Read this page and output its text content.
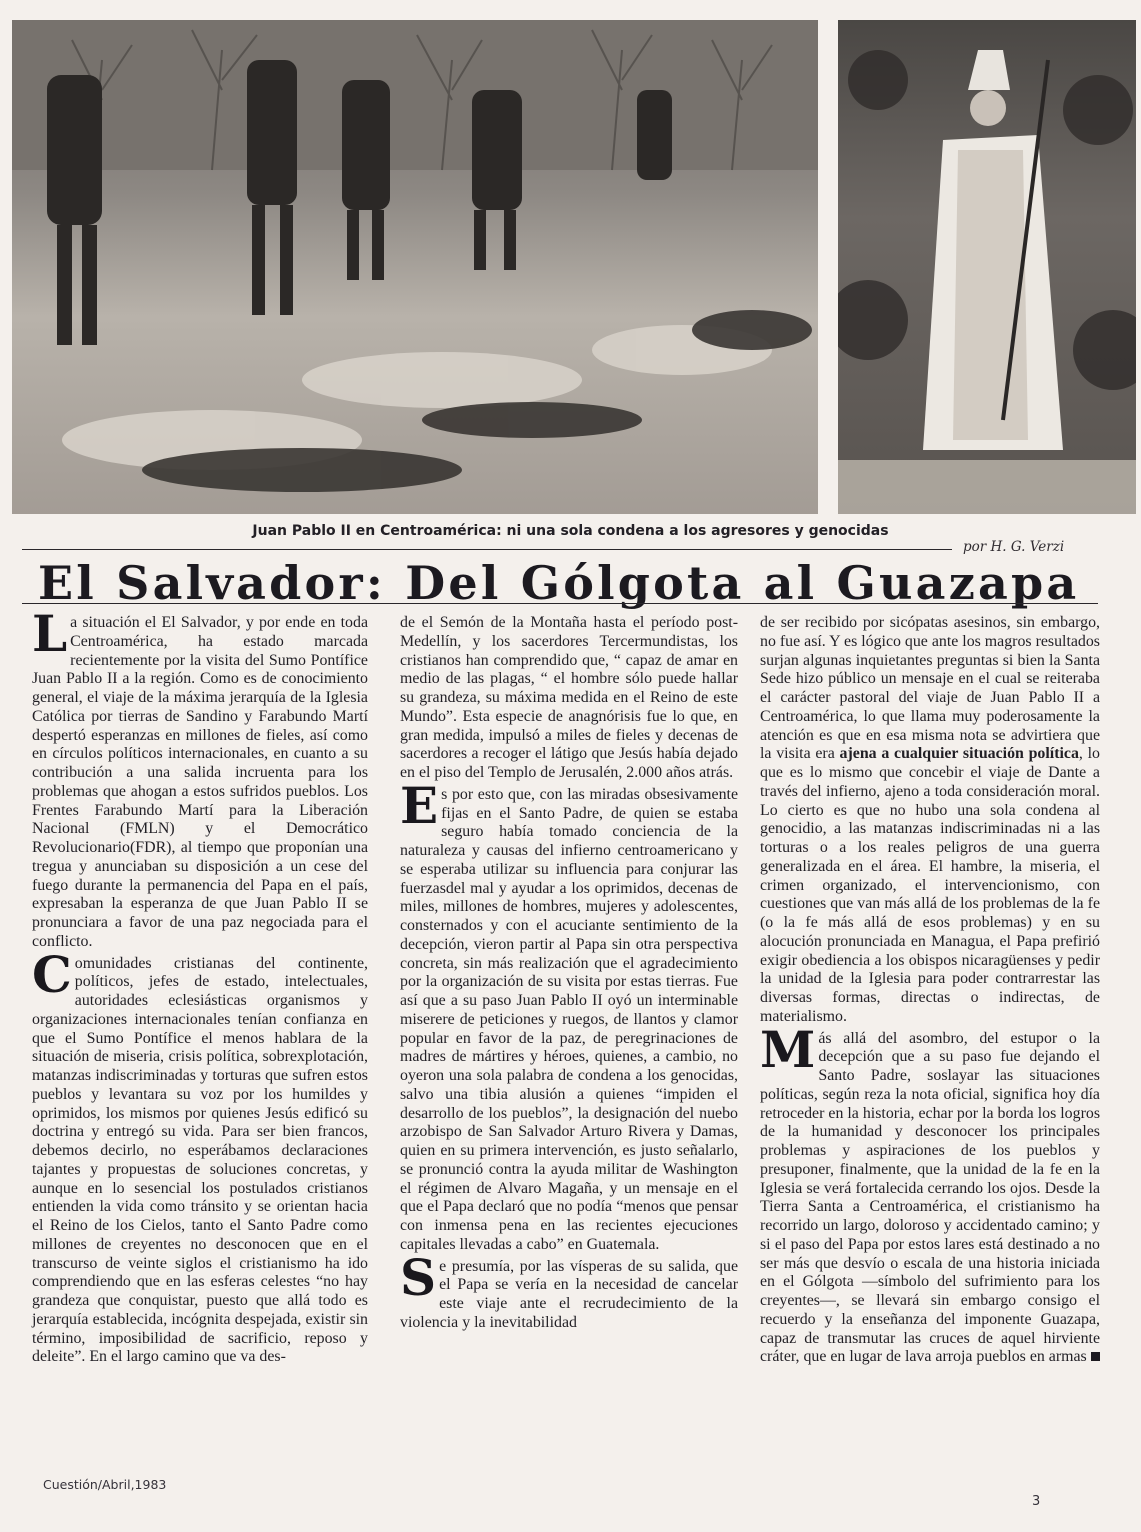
Juan Pablo II en Centroamérica: ni una sola condena a los agresores y genocidas
por H. G. Verzi
El Salvador: Del Gólgota al Guazapa

La situación el El Salvador, y por ende en toda Centroamérica, ha estado marcada recientemente por la visita del Sumo Pontífice Juan Pablo II a la región. Como es de conocimiento general, el viaje de la máxima jerarquía de la Iglesia Católica por tierras de Sandino y Farabundo Martí despertó esperanzas en millones de fieles, así como en círculos políticos internacionales, en cuanto a su contribución a una salida incruenta para los problemas que ahogan a estos sufridos pueblos. Los Frentes Farabundo Martí para la Liberación Nacional (FMLN) y el Democrático Revolucionario(FDR), al tiempo que proponían una tregua y anunciaban su disposición a un cese del fuego durante la permanencia del Papa en el país, expresaban la esperanza de que Juan Pablo II se pronunciara a favor de una paz negociada para el conflicto.

Comunidades cristianas del continente, políticos, jefes de estado, intelectuales, autoridades eclesiásticas organismos y organizaciones internacionales tenían confianza en que el Sumo Pontífice el menos hablara de la situación de miseria, crisis política, sobrexplotación, matanzas indiscriminadas y torturas que sufren estos pueblos y levantara su voz por los humildes y oprimidos, los mismos por quienes Jesús edificó su doctrina y entregó su vida. Para ser bien francos, debemos decirlo, no esperábamos declaraciones tajantes y propuestas de soluciones concretas, y aunque en lo sesencial los postulados cristianos entienden la vida como tránsito y se orientan hacia el Reino de los Cielos, tanto el Santo Padre como millones de creyentes no desconocen que en el transcurso de veinte siglos el cristianismo ha ido comprendiendo que en las esferas celestes “no hay grandeza que conquistar, puesto que allá todo es jerarquía establecida, incógnita despejada, existir sin término, imposibilidad de sacrificio, reposo y deleite”. En el largo camino que va des-

de el Semón de la Montaña hasta el período post-Medellín, y los sacerdores Tercermundistas, los cristianos han comprendido que, “ capaz de amar en medio de las plagas, “ el hombre sólo puede hallar su grandeza, su máxima medida en el Reino de este Mundo”. Esta especie de anagnórisis fue lo que, en gran medida, impulsó a miles de fieles y decenas de sacerdores a recoger el látigo que Jesús había dejado en el piso del Templo de Jerusalén, 2.000 años atrás.

Es por esto que, con las miradas obsesivamente fijas en el Santo Padre, de quien se estaba seguro había tomado conciencia de la naturaleza y causas del infierno centroamericano y se esperaba utilizar su influencia para conjurar las fuerzasdel mal y ayudar a los oprimidos, decenas de miles, millones de hombres, mujeres y adolescentes, consternados y con el acuciante sentimiento de la decepción, vieron partir al Papa sin otra perspectiva concreta, sin más realización que el agradecimiento por la organización de su visita por estas tierras. Fue así que a su paso Juan Pablo II oyó un interminable miserere de peticiones y ruegos, de llantos y clamor popular en favor de la paz, de peregrinaciones de madres de mártires y héroes, quienes, a cambio, no oyeron una sola palabra de condena a los genocidas, salvo una tibia alusión a quienes “impiden el desarrollo de los pueblos”, la designación del nuebo arzobispo de San Salvador Arturo Rivera y Damas, quien en su primera intervención, es justo señalarlo, se pronunció contra la ayuda militar de Washington el régimen de Alvaro Magaña, y un mensaje en el que el Papa declaró que no podía “menos que pensar con inmensa pena en las recientes ejecuciones capitales llevadas a cabo” en Guatemala.

Se presumía, por las vísperas de su salida, que el Papa se vería en la necesidad de cancelar este viaje ante el recrudecimiento de la violencia y la inevitabilidad

de ser recibido por sicópatas asesinos, sin embargo, no fue así. Y es lógico que ante los magros resultados surjan algunas inquietantes preguntas si bien la Santa Sede hizo público un mensaje en el cual se reiteraba el carácter pastoral del viaje de Juan Pablo II a Centroamérica, lo que llama muy poderosamente la atención es que en esa misma nota se advirtiera que la visita era ajena a cualquier situación política, lo que es lo mismo que concebir el viaje de Dante a través del infierno, ajeno a toda consideración moral. Lo cierto es que no hubo una sola condena al genocidio, a las matanzas indiscriminadas ni a las torturas o a los reales peligros de una guerra generalizada en el área. El hambre, la miseria, el crimen organizado, el intervencionismo, con cuestiones que van más allá de los problemas de la fe (o la fe más allá de esos problemas) y en su alocución pronunciada en Managua, el Papa prefirió exigir obediencia a los obispos nicaragüenses y pedir la unidad de la Iglesia para poder contrarrestar las diversas formas, directas o indirectas, de materialismo.

Más allá del asombro, del estupor o la decepción que a su paso fue dejando el Santo Padre, soslayar las situaciones políticas, según reza la nota oficial, significa hoy día retroceder en la historia, echar por la borda los logros de la humanidad y desconocer los principales problemas y aspiraciones de los pueblos y presuponer, finalmente, que la unidad de la fe en la Iglesia se verá fortalecida cerrando los ojos. Desde la Tierra Santa a Centroamérica, el cristianismo ha recorrido un largo, doloroso y accidentado camino; y si el paso del Papa por estos lares está destinado a no ser más que desvío o escala de una historia iniciada en el Gólgota —símbolo del sufrimiento para los creyentes—, se llevará sin embargo consigo el recuerdo y la enseñanza del imponente Guazapa, capaz de transmutar las cruces de aquel hirviente cráter, que en lugar de lava arroja pueblos en armas

Cuestión/Abril,1983
3
